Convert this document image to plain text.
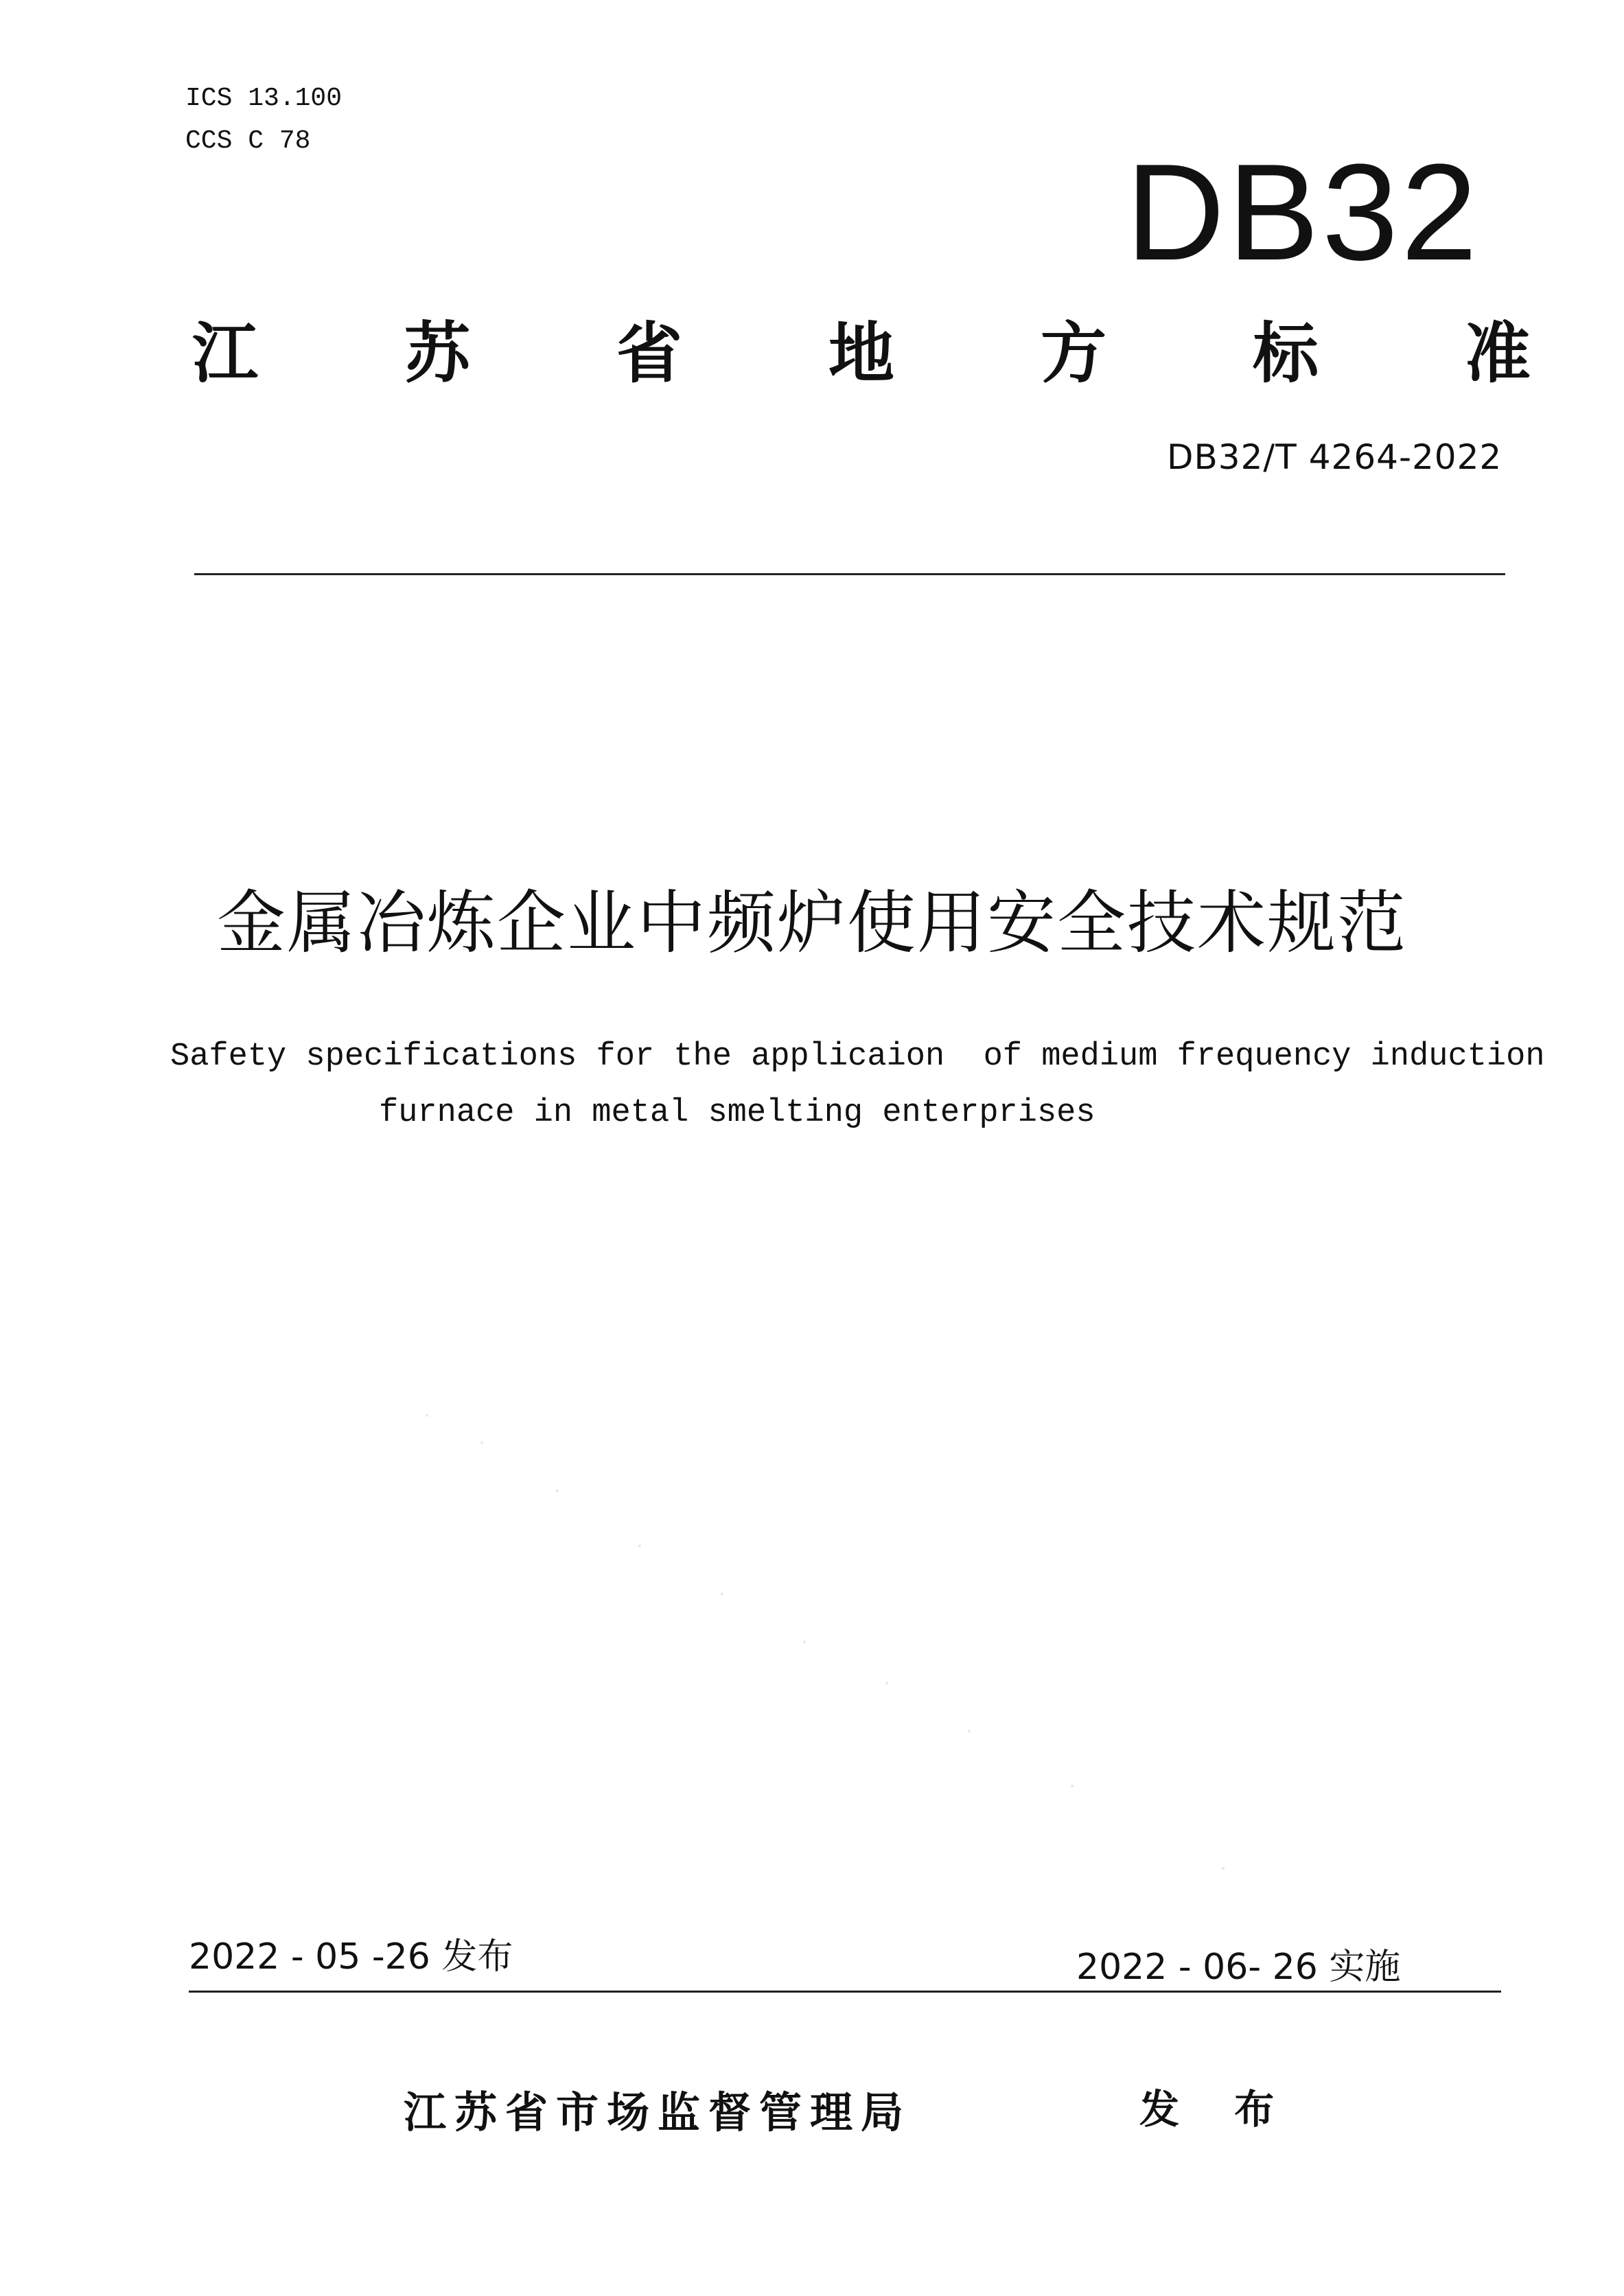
ICS 13.100
CCS C 78	DB32
江 苏 省 地 方 标 准
DB32/T 4264-2022
金属冶炼企业中频炉使用安全技术规范
Safety specifications for the applicaion  of medium frequency induction
furnace in metal smelting enterprises
2022 - 05 -26 发布	2022 - 06- 26 实施
江苏省市场监督管理局	发 布
